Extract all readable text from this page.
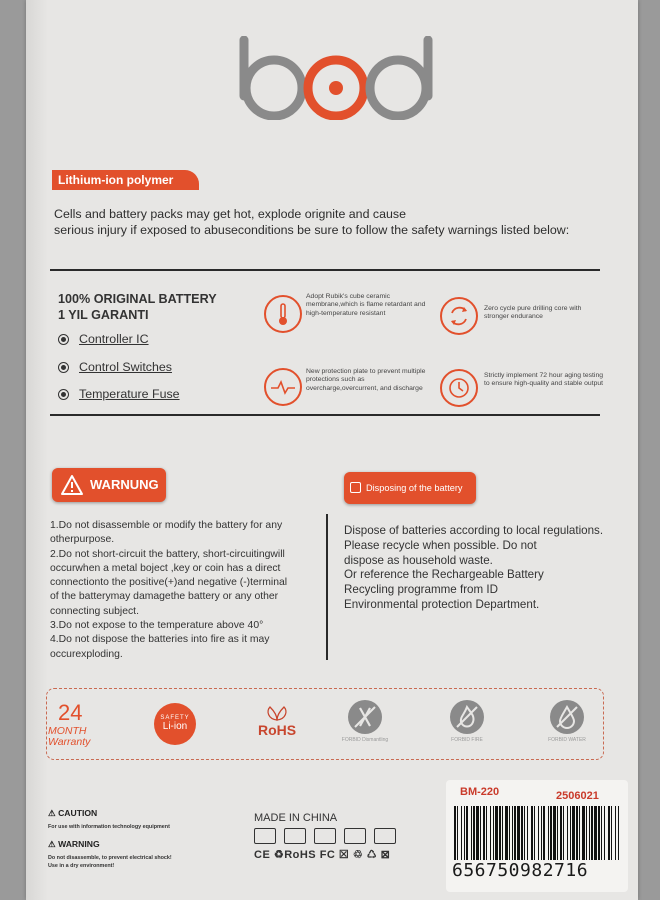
Lithium-ion polymer
Cells and battery packs may get hot, explode orignite and cause
serious injury if exposed to abuseconditions be sure to follow the safety warnings listed below:
100% ORIGINAL BATTERY
1 YIL GARANTI
Controller IC
Control Switches
Temperature Fuse
Adopt Rubik's cube ceramic membrane,which is flame retardant and high-temperature resistant
Zero cycle pure drilling core with stronger endurance
New protection plate to prevent multiple protections such as overcharge,overcurrent, and discharge
Strictly implement 72 hour aging testing to ensure high-quality and stable output
WARNUNG
1.Do not disassemble or modify the battery for any
otherpurpose.
2.Do not short-circuit the battery, short-circuitingwill
occurwhen a metal boject ,key or coin has a direct
connectionto the positive(+)and negative (-)terminal
of the batterymay damagethe battery or any other
connecting subject.
3.Do not expose to the temperature above 40°
4.Do not dispose the batteries into fire as it may
occurexploding.
Disposing of the battery
Dispose of batteries according to local regulations.
Please recycle when possible. Do not
dispose as household waste.
Or reference the Rechargeable Battery
Recycling programme from ID
Environmental protection Department.
24
MONTH
Warranty
SAFETY
Li-ion	RoHS
FORBID Dismantling	FORBID FIRE	FORBID WATER
⚠ CAUTION
For use with information technology equipment
⚠ WARNING
Do not disassemble, to prevent electrical shock!
Use in a dry environment!
MADE IN CHINA
CE ♻RoHS FC ☒ ♲ ♺ ⊠
BM-220	2506021
656750982716
